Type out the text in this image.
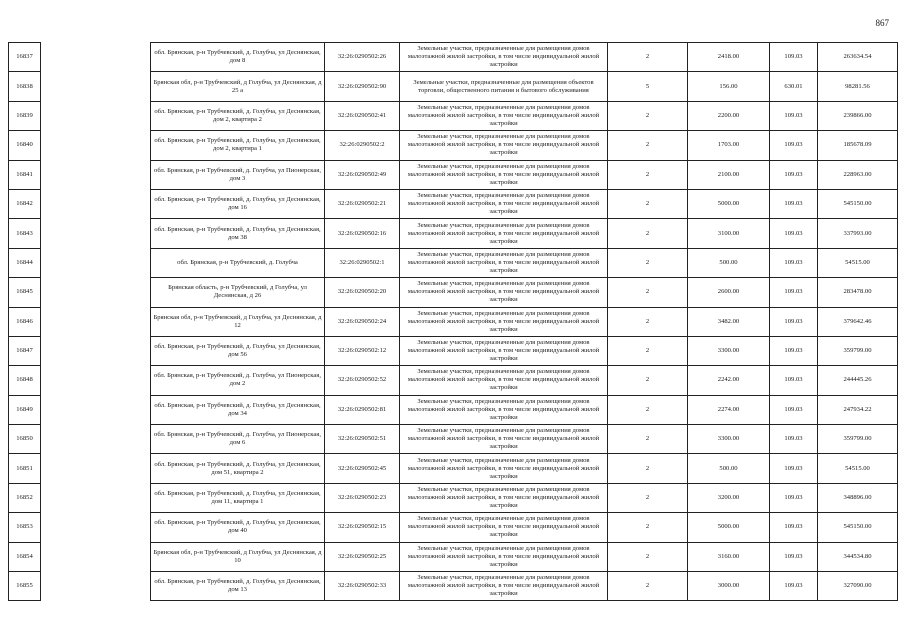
867
16837		обл. Брянская, р-н Трубчевский, д. Голубча, ул Деснянская, дом 8	32:26:0290502:26	Земельные участки, предназначенные для размещения домов малоэтажной жилой застройки, в том числе индивидуальной жилой застройки	2	2418.00	109.03	263634.54
16838		Брянская обл, р-н Трубчевский, д Голубча, ул Деснянская, д 25 а	32:26:0290502:90	Земельные участки, предназначенные для размещения объектов торговли, общественного питания и бытового обслуживания	5	156.00	630.01	98281.56
16839		обл. Брянская, р-н Трубчевский, д. Голубча, ул Деснянская, дом 2, квартира 2	32:26:0290502:41	Земельные участки, предназначенные для размещения домов малоэтажной жилой застройки, в том числе индивидуальной жилой застройки	2	2200.00	109.03	239866.00
16840		обл. Брянская, р-н Трубчевский, д. Голубча, ул Деснянская, дом 2, квартира 1	32:26:0290502:2	Земельные участки, предназначенные для размещения домов малоэтажной жилой застройки, в том числе индивидуальной жилой застройки	2	1703.00	109.03	185678.09
16841		обл. Брянская, р-н Трубчевский, д. Голубча, ул Пионерская, дом 3	32:26:0290502:49	Земельные участки, предназначенные для размещения домов малоэтажной жилой застройки, в том числе индивидуальной жилой застройки	2	2100.00	109.03	228963.00
16842		обл. Брянская, р-н Трубчевский, д. Голубча, ул Деснянская, дом 16	32:26:0290502:21	Земельные участки, предназначенные для размещения домов малоэтажной жилой застройки, в том числе индивидуальной жилой застройки	2	5000.00	109.03	545150.00
16843		обл. Брянская, р-н Трубчевский, д. Голубча, ул Деснянская, дом 38	32:26:0290502:16	Земельные участки, предназначенные для размещения домов малоэтажной жилой застройки, в том числе индивидуальной жилой застройки	2	3100.00	109.03	337993.00
16844		обл. Брянская, р-н Трубчевский, д. Голубча	32:26:0290502:1	Земельные участки, предназначенные для размещения домов малоэтажной жилой застройки, в том числе индивидуальной жилой застройки	2	500.00	109.03	54515.00
16845		Брянская область, р-н Трубчевский, д Голубча, ул Деснянская, д 26	32:26:0290502:20	Земельные участки, предназначенные для размещения домов малоэтажной жилой застройки, в том числе индивидуальной жилой застройки	2	2600.00	109.03	283478.00
16846		Брянская обл, р-н Трубчевский, д Голубча, ул Деснянская, д 12	32:26:0290502:24	Земельные участки, предназначенные для размещения домов малоэтажной жилой застройки, в том числе индивидуальной жилой застройки	2	3482.00	109.03	379642.46
16847		обл. Брянская, р-н Трубчевский, д. Голубча, ул Деснянская, дом 56	32:26:0290502:12	Земельные участки, предназначенные для размещения домов малоэтажной жилой застройки, в том числе индивидуальной жилой застройки	2	3300.00	109.03	359799.00
16848		обл. Брянская, р-н Трубчевский, д. Голубча, ул Пионерская, дом 2	32:26:0290502:52	Земельные участки, предназначенные для размещения домов малоэтажной жилой застройки, в том числе индивидуальной жилой застройки	2	2242.00	109.03	244445.26
16849		обл. Брянская, р-н Трубчевский, д. Голубча, ул Деснянская, дом 34	32:26:0290502:81	Земельные участки, предназначенные для размещения домов малоэтажной жилой застройки, в том числе индивидуальной жилой застройки	2	2274.00	109.03	247934.22
16850		обл. Брянская, р-н Трубчевский, д. Голубча, ул Пионерская, дом 6	32:26:0290502:51	Земельные участки, предназначенные для размещения домов малоэтажной жилой застройки, в том числе индивидуальной жилой застройки	2	3300.00	109.03	359799.00
16851		обл. Брянская, р-н Трубчевский, д. Голубча, ул Деснянская, дом 51, квартира 2	32:26:0290502:45	Земельные участки, предназначенные для размещения домов малоэтажной жилой застройки, в том числе индивидуальной жилой застройки	2	500.00	109.03	54515.00
16852		обл. Брянская, р-н Трубчевский, д. Голубча, ул Деснянская, дом 11, квартира 1	32:26:0290502:23	Земельные участки, предназначенные для размещения домов малоэтажной жилой застройки, в том числе индивидуальной жилой застройки	2	3200.00	109.03	348896.00
16853		обл. Брянская, р-н Трубчевский, д. Голубча, ул Деснянская, дом 40	32:26:0290502:15	Земельные участки, предназначенные для размещения домов малоэтажной жилой застройки, в том числе индивидуальной жилой застройки	2	5000.00	109.03	545150.00
16854		Брянская обл, р-н Трубчевский, д Голубча, ул Деснянская, д 10	32:26:0290502:25	Земельные участки, предназначенные для размещения домов малоэтажной жилой застройки, в том числе индивидуальной жилой застройки	2	3160.00	109.03	344534.80
16855		обл. Брянская, р-н Трубчевский, д. Голубча, ул Деснянская, дом 13	32:26:0290502:33	Земельные участки, предназначенные для размещения домов малоэтажной жилой застройки, в том числе индивидуальной жилой застройки	2	3000.00	109.03	327090.00
